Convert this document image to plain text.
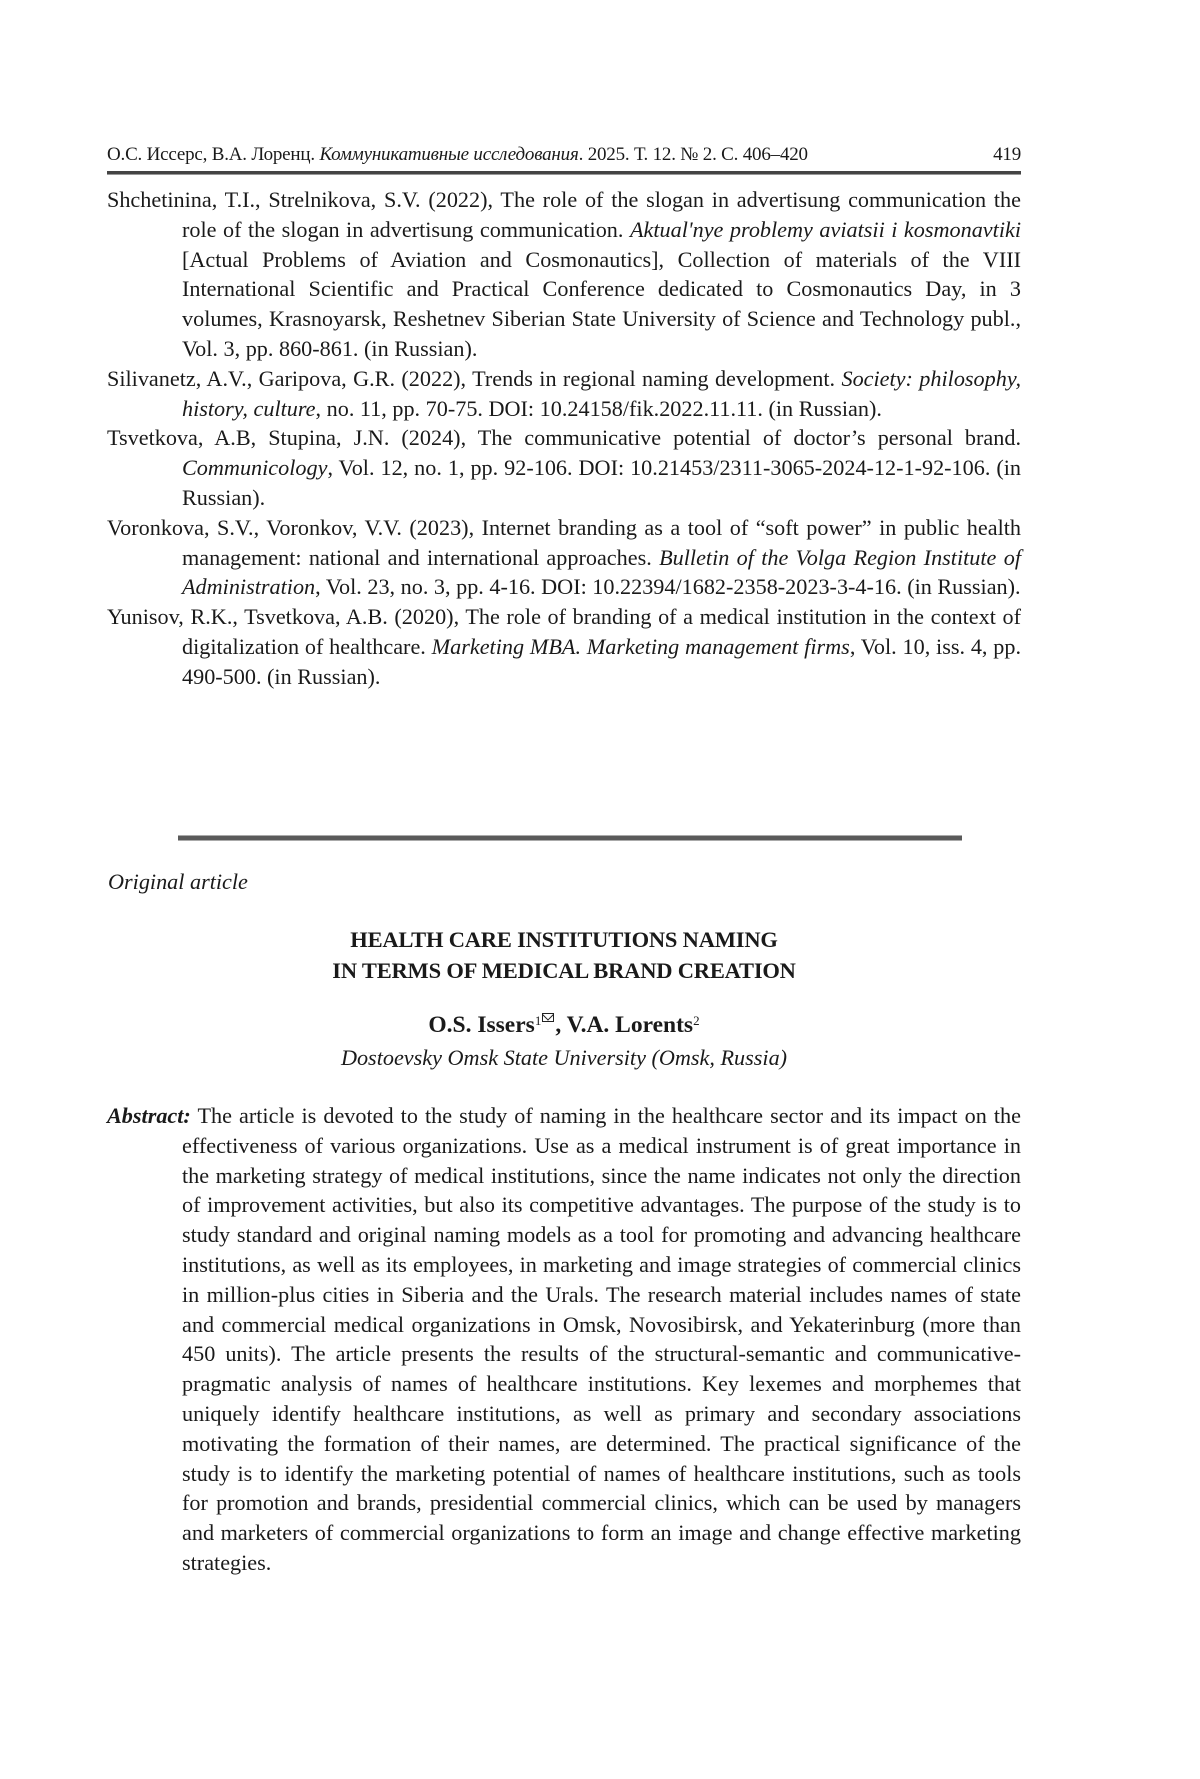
О.С. Иссерс, В.А. Лоренц. Коммуникативные исследования. 2025. Т. 12. № 2. С. 406–420	419

Shchetinina, T.I., Strelnikova, S.V. (2022), The role of the slogan in advertisung communication the role of the slogan in advertisung communication. Aktual'nye problemy aviatsii i kosmonavtiki [Actual Problems of Aviation and Cosmonautics], Collection of materials of the VIII International Scientific and Practical Conference dedicated to Cosmonautics Day, in 3 volumes, Krasnoyarsk, Reshetnev Siberian State University of Science and Technology publ., Vol. 3, pp. 860-861. (in Russian).

Silivanetz, A.V., Garipova, G.R. (2022), Trends in regional naming development. Society: philosophy, history, culture, no. 11, pp. 70-75. DOI: 10.24158/fik.2022.11.11. (in Russian).

Tsvetkova, A.B, Stupina, J.N. (2024), The communicative potential of doctor’s personal brand. Communicology, Vol. 12, no. 1, pp. 92-106. DOI: 10.21453/2311-3065-2024-12-1-92-106. (in Russian).

Voronkova, S.V., Voronkov, V.V. (2023), Internet branding as a tool of “soft power” in public health management: national and international approaches. Bulletin of the Volga Region Institute of Administration, Vol. 23, no. 3, pp. 4-16. DOI: 10.22394/1682-2358-2023-3-4-16. (in Russian).

Yunisov, R.K., Tsvetkova, A.B. (2020), The role of branding of a medical institution in the context of digitalization of healthcare. Marketing MBA. Marketing management firms, Vol. 10, iss. 4, pp. 490-500. (in Russian).

Original article
HEALTH CARE INSTITUTIONS NAMING
IN TERMS OF MEDICAL BRAND CREATION
O.S. Issers$^1$ , V.A. Lorents$^2$
Dostoevsky Omsk State University (Omsk, Russia)

Abstract: The article is devoted to the study of naming in the healthcare sector and its impact on the effectiveness of various organizations. Use as a medical instrument is of great importance in the marketing strategy of medical institutions, since the name indicates not only the direction of improvement activities, but also its competitive advantages. The purpose of the study is to study standard and original naming models as a tool for promoting and advancing healthcare institutions, as well as its employees, in marketing and image strategies of commercial clinics in million-plus cities in Siberia and the Urals. The research material includes names of state and commercial medical organizations in Omsk, Novosibirsk, and Yekaterinburg (more than 450 units). The article presents the results of the structural-semantic and communicative-pragmatic analysis of names of healthcare institutions. Key lexemes and morphemes that uniquely identify healthcare institutions, as well as primary and secondary associations motivating the formation of their names, are determined. The practical significance of the study is to identify the marketing potential of names of healthcare institutions, such as tools for promotion and brands, presidential commercial clinics, which can be used by managers and marketers of commercial organizations to form an image and change effective marketing strategies.
